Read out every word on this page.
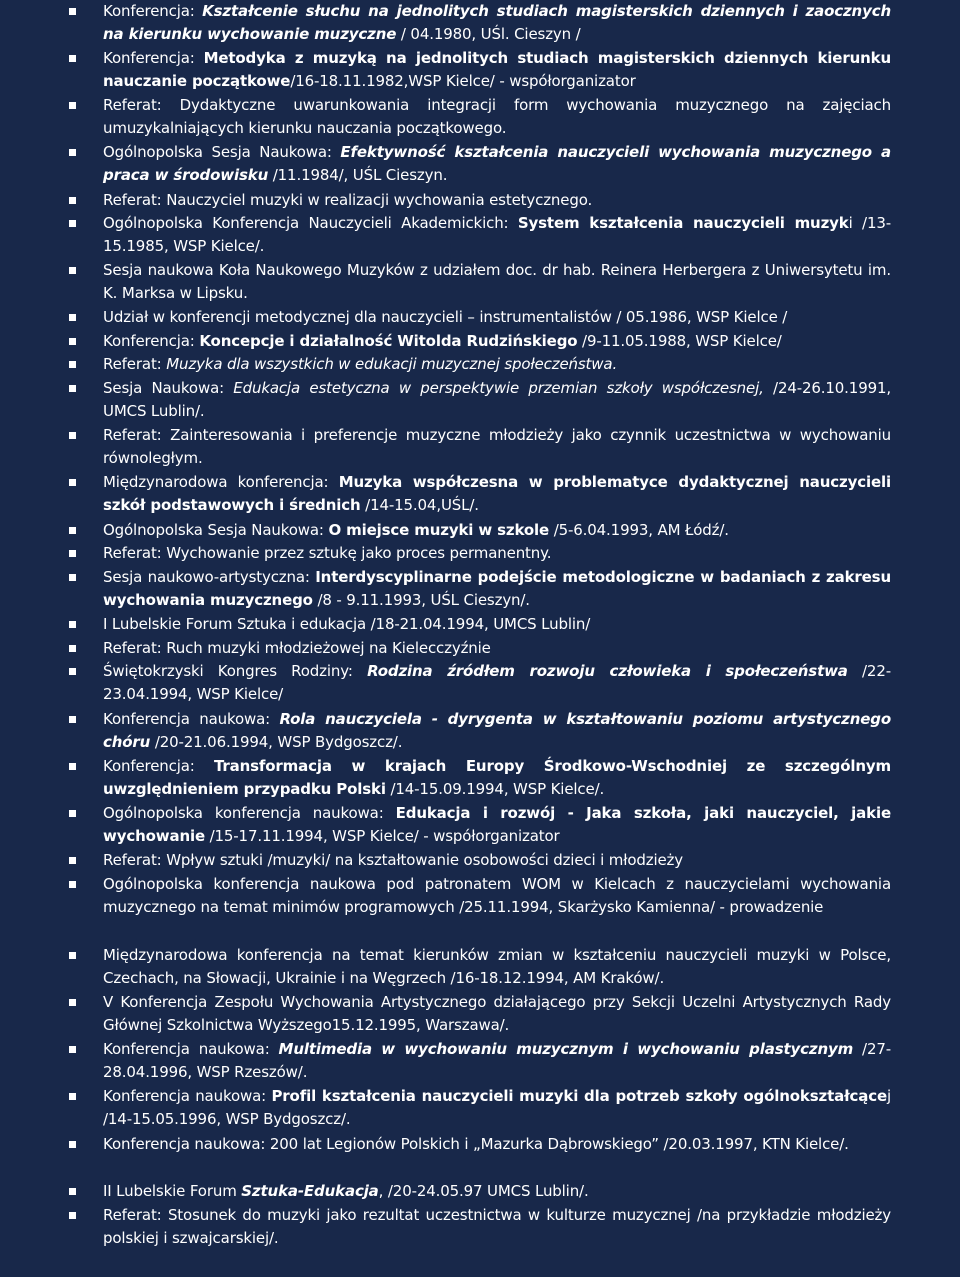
Konferencja: Kształcenie słuchu na jednolitych studiach magisterskich dziennych i zaocznych na kierunku wychowanie muzyczne / 04.1980, UŚl. Cieszyn /
Konferencja: Metodyka z muzyką na jednolitych studiach magisterskich dziennych kierunku nauczanie początkowe/16-18.11.1982,WSP Kielce/ - współorganizator
Referat: Dydaktyczne uwarunkowania integracji form wychowania muzycznego na zajęciach umuzykalniających kierunku nauczania początkowego.
Ogólnopolska Sesja Naukowa: Efektywność kształcenia nauczycieli wychowania muzycznego a praca w środowisku /11.1984/, UŚL Cieszyn.
Referat: Nauczyciel muzyki w realizacji wychowania estetycznego.
Ogólnopolska Konferencja Nauczycieli Akademickich: System kształcenia nauczycieli muzyki /13-15.1985, WSP Kielce/.
Sesja naukowa Koła Naukowego Muzyków z udziałem doc. dr hab. Reinera Herbergera z Uniwersytetu im. K. Marksa w Lipsku.
Udział w konferencji metodycznej dla nauczycieli – instrumentalistów / 05.1986, WSP Kielce /
Konferencja: Koncepcje i działalność Witolda Rudzińskiego /9-11.05.1988, WSP Kielce/
Referat: Muzyka dla wszystkich w edukacji muzycznej społeczeństwa.
Sesja Naukowa: Edukacja estetyczna w perspektywie przemian szkoły współczesnej, /24-26.10.1991, UMCS Lublin/.
Referat: Zainteresowania i preferencje muzyczne młodzieży jako czynnik uczestnictwa w wychowaniu równoległym.
Międzynarodowa konferencja: Muzyka współczesna w problematyce dydaktycznej nauczycieli szkół podstawowych i średnich /14-15.04,UŚL/.
Ogólnopolska Sesja Naukowa: O miejsce muzyki w szkole /5-6.04.1993, AM Łódź/.
Referat: Wychowanie przez sztukę jako proces permanentny.
Sesja naukowo-artystyczna: Interdyscyplinarne podejście metodologiczne w badaniach z zakresu wychowania muzycznego /8 - 9.11.1993, UŚL Cieszyn/.
I Lubelskie Forum Sztuka i edukacja /18-21.04.1994, UMCS Lublin/
Referat: Ruch muzyki młodzieżowej na Kielecczyźnie
Świętokrzyski Kongres Rodziny: Rodzina źródłem rozwoju człowieka i społeczeństwa /22-23.04.1994, WSP Kielce/
Konferencja naukowa: Rola nauczyciela - dyrygenta w kształtowaniu poziomu artystycznego chóru /20-21.06.1994, WSP Bydgoszcz/.
Konferencja: Transformacja w krajach Europy Środkowo-Wschodniej ze szczególnym uwzględnieniem przypadku Polski /14-15.09.1994, WSP Kielce/.
Ogólnopolska konferencja naukowa: Edukacja i rozwój - Jaka szkoła, jaki nauczyciel, jakie wychowanie /15-17.11.1994, WSP Kielce/ - współorganizator
Referat: Wpływ sztuki /muzyki/ na kształtowanie osobowości dzieci i młodzieży
Ogólnopolska konferencja naukowa pod patronatem WOM w Kielcach z nauczycielami wychowania muzycznego na temat minimów programowych /25.11.1994, Skarżysko Kamienna/ - prowadzenie
Międzynarodowa konferencja na temat kierunków zmian w kształceniu nauczycieli muzyki w Polsce, Czechach, na Słowacji, Ukrainie i na Węgrzech /16-18.12.1994, AM Kraków/.
V Konferencja Zespołu Wychowania Artystycznego działającego przy Sekcji Uczelni Artystycznych Rady Głównej Szkolnictwa Wyższego15.12.1995, Warszawa/.
Konferencja naukowa: Multimedia w wychowaniu muzycznym i wychowaniu plastycznym /27-28.04.1996, WSP Rzeszów/.
Konferencja naukowa: Profil kształcenia nauczycieli muzyki dla potrzeb szkoły ogólnokształcącej /14-15.05.1996, WSP Bydgoszcz/.
Konferencja naukowa: 200 lat Legionów Polskich i „Mazurka Dąbrowskiego” /20.03.1997, KTN Kielce/.
II Lubelskie Forum Sztuka-Edukacja, /20-24.05.97 UMCS Lublin/.
Referat: Stosunek do muzyki jako rezultat uczestnictwa w kulturze muzycznej /na przykładzie młodzieży polskiej i szwajcarskiej/.
